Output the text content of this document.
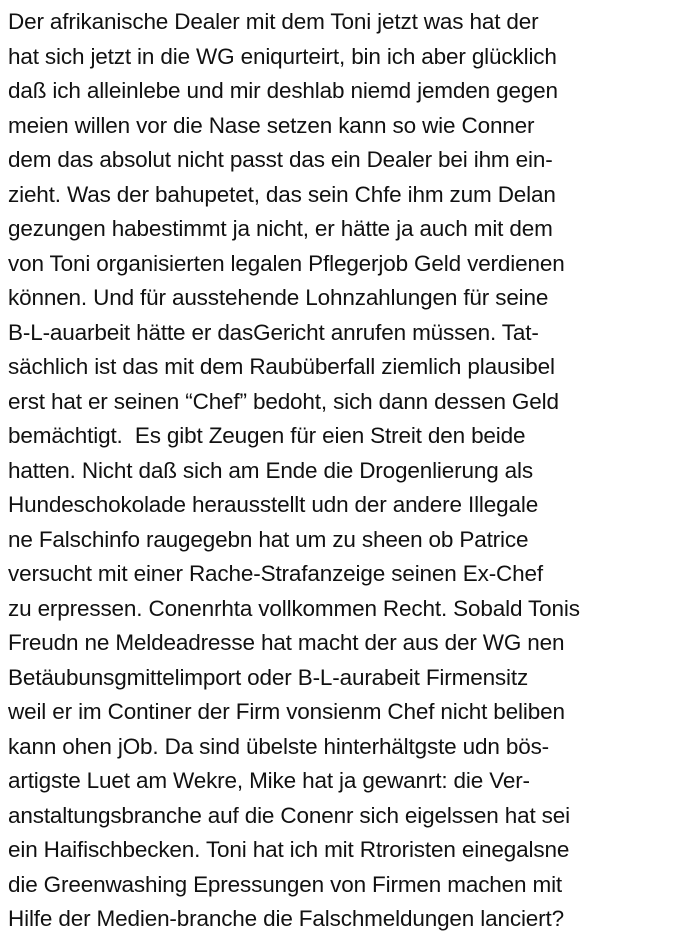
Der afrikanische Dealer mit dem Toni jetzt was hat der
hat sich jetzt in die WG eniqurteirt, bin ich aber glücklich
daß ich alleinlebe und mir deshlab niemd jemden gegen
meien willen vor die Nase setzen kann so wie Conner
dem das absolut nicht passt das ein Dealer bei ihm ein-
zieht. Was der bahupetet, das sein Chfe ihm zum Delan
gezungen habestimmt ja nicht, er hätte ja auch mit dem
von Toni organisierten legalen Pflegerjob Geld verdienen
können. Und für ausstehende Lohnzahlungen für seine
B-L-auarbeit hätte er dasGericht anrufen müssen. Tat-
sächlich ist das mit dem Raubüberfall ziemlich plausibel
erst hat er seinen “Chef” bedoht, sich dann dessen Geld
bemächtigt.  Es gibt Zeugen für eien Streit den beide
hatten. Nicht daß sich am Ende die Drogenlierung als
Hundeschokolade herausstellt udn der andere Illegale
ne Falschinfo raugegebn hat um zu sheen ob Patrice
versucht mit einer Rache-Strafanzeige seinen Ex-Chef
zu erpressen. Conenrhta vollkommen Recht. Sobald Tonis
Freudn ne Meldeadresse hat macht der aus der WG nen
Betäubunsgmittelimport oder B-L-aurabeit Firmensitz
weil er im Continer der Firm vonsienm Chef nicht beliben
kann ohen jOb. Da sind übelste hinterhältgste udn bös-
artigste Luet am Wekre, Mike hat ja gewanrt: die Ver-
anstaltungsbranche auf die Conenr sich eigelssen hat sei
ein Haifischbecken. Toni hat ich mit Rtroristen einegalsne
die Greenwashing Epressungen von Firmen machen mit
Hilfe der Medien-branche die Falschmeldungen lanciert?
